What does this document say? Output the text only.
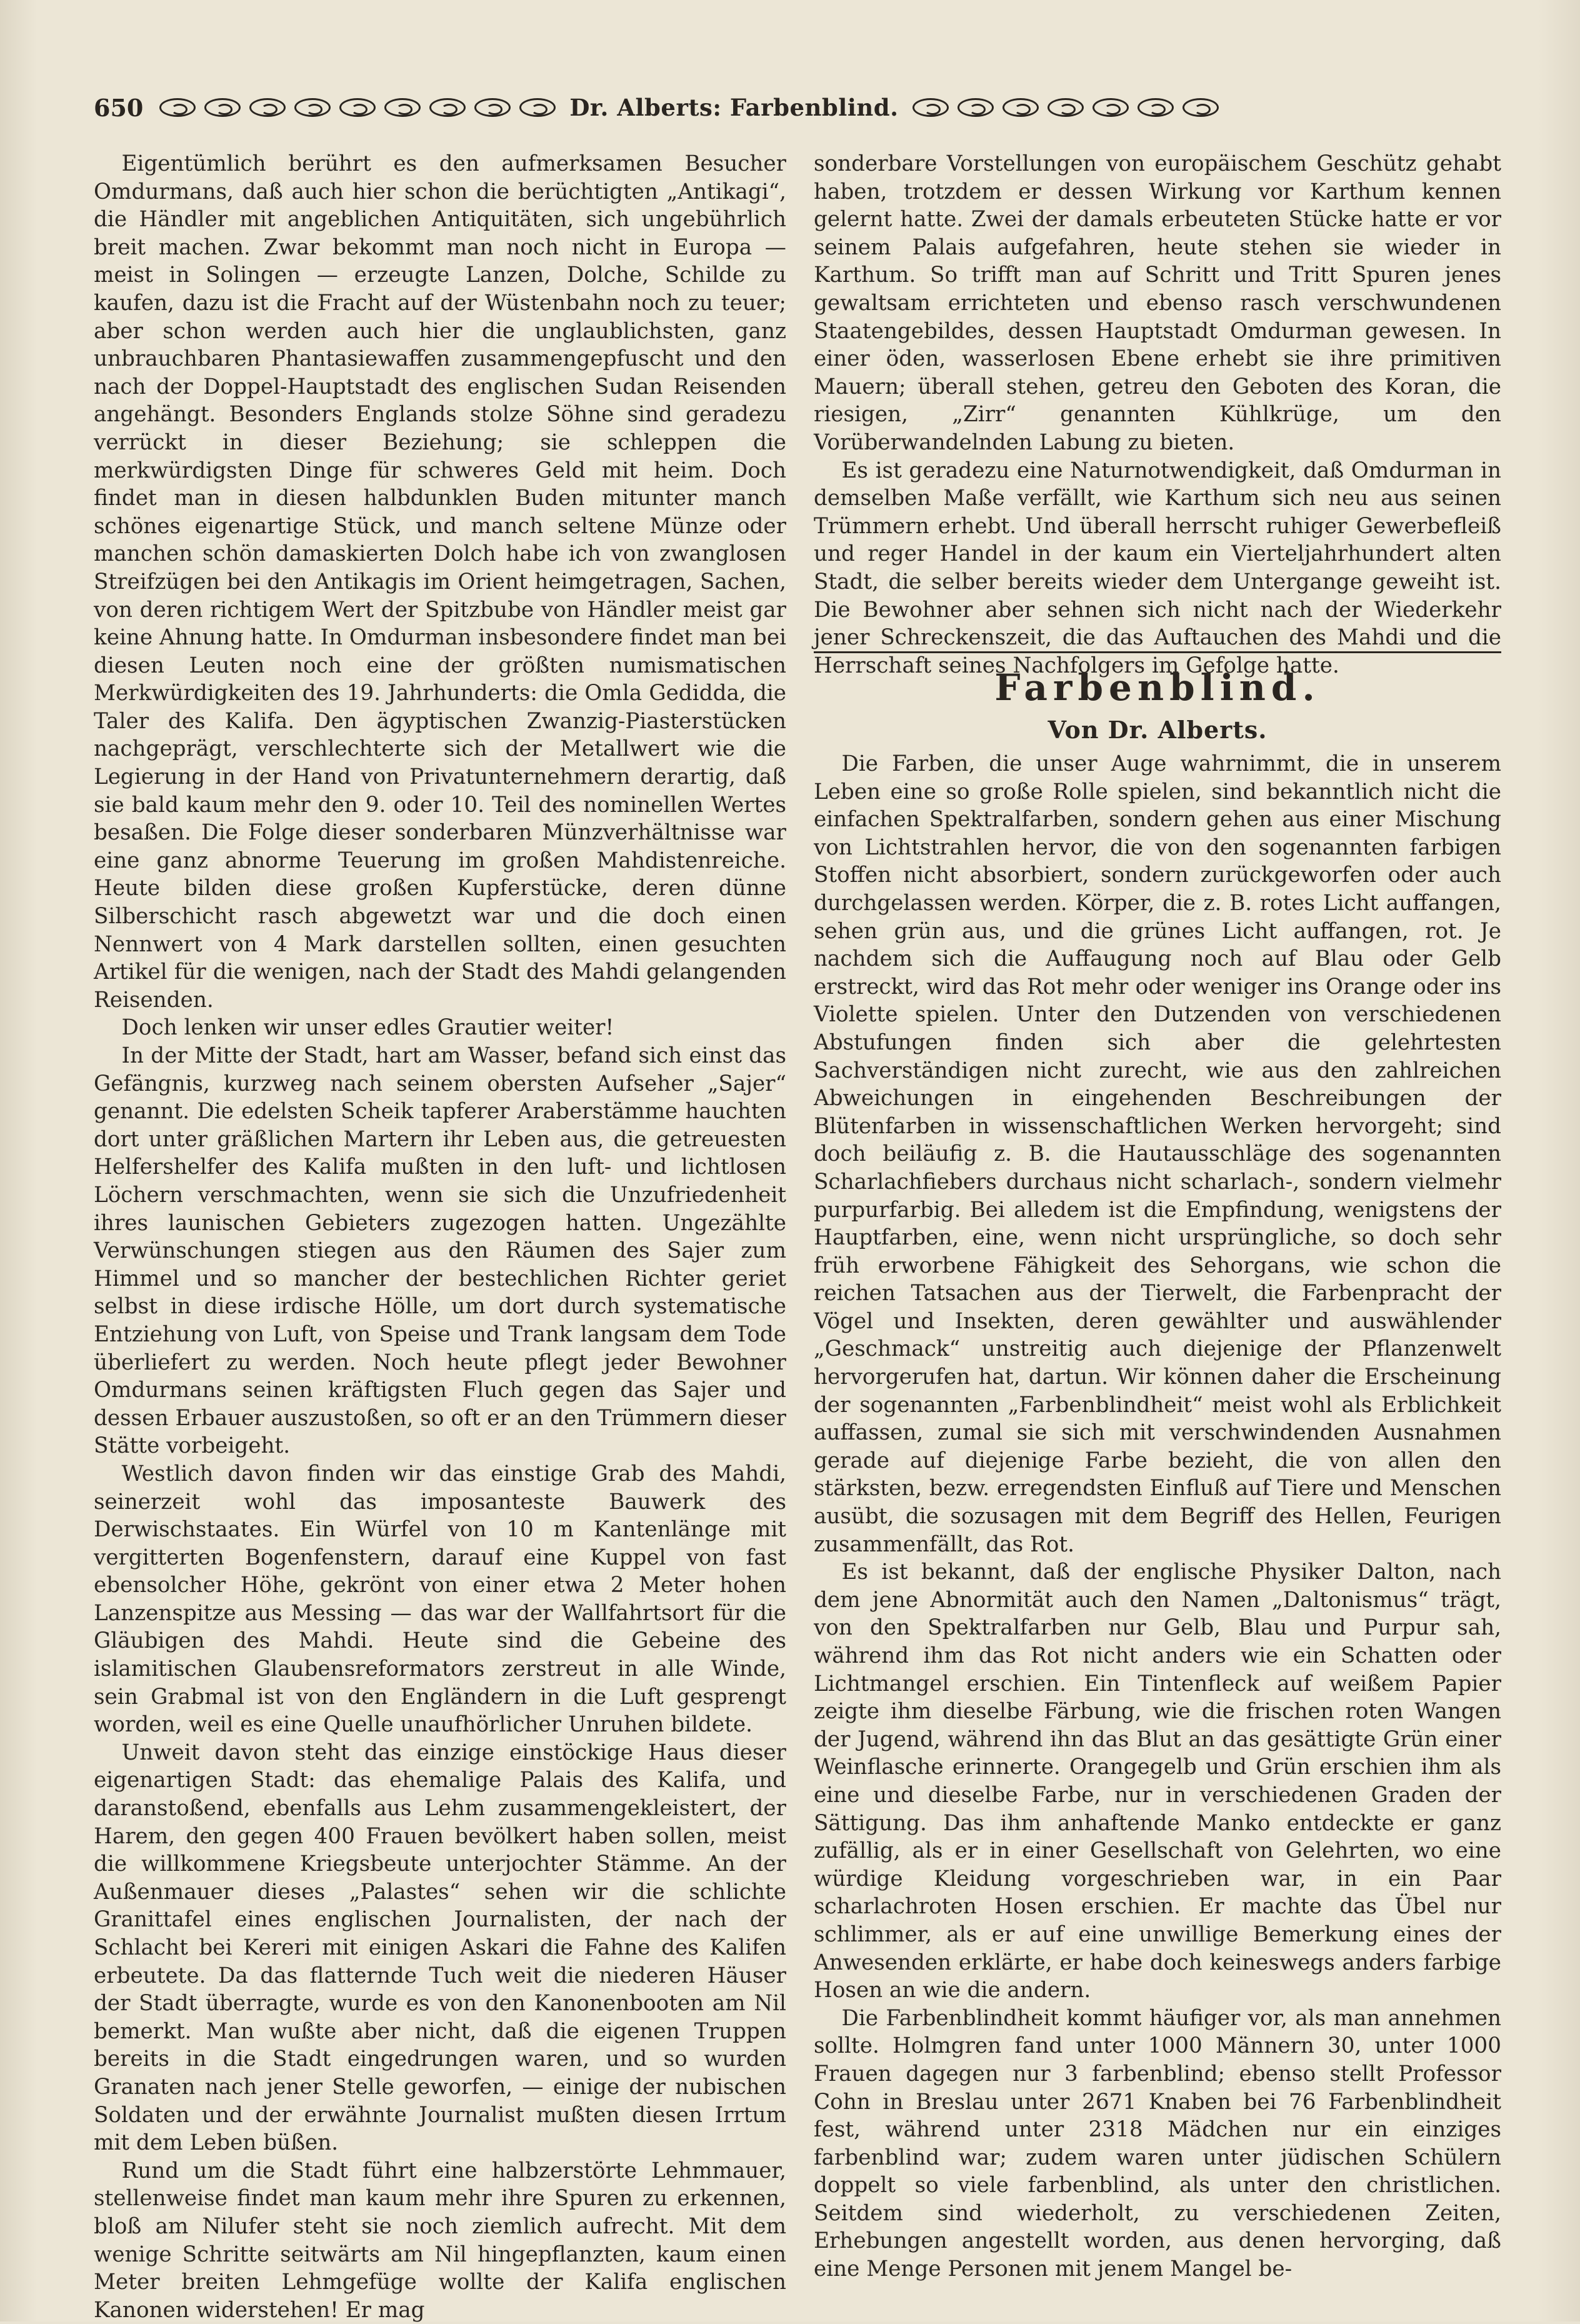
650	Dr. Alberts: Farbenblind.

Eigentümlich berührt es den aufmerksamen Besucher Omdurmans, daß auch hier schon die berüchtigten „Antikagi“, die Händler mit angeblichen Antiquitäten, sich ungebührlich breit machen. Zwar bekommt man noch nicht in Europa — meist in Solingen — erzeugte Lanzen, Dolche, Schilde zu kaufen, dazu ist die Fracht auf der Wüstenbahn noch zu teuer; aber schon werden auch hier die unglaublichsten, ganz unbrauchbaren Phantasiewaffen zusammengepfuscht und den nach der Doppel-Hauptstadt des englischen Sudan Reisenden angehängt. Besonders Englands stolze Söhne sind geradezu verrückt in dieser Beziehung; sie schleppen die merkwürdigsten Dinge für schweres Geld mit heim. Doch findet man in diesen halbdunklen Buden mitunter manch schönes eigenartige Stück, und manch seltene Münze oder manchen schön damaskierten Dolch habe ich von zwanglosen Streifzügen bei den Antikagis im Orient heimgetragen, Sachen, von deren richtigem Wert der Spitzbube von Händler meist gar keine Ahnung hatte. In Omdurman insbesondere findet man bei diesen Leuten noch eine der größten numismatischen Merkwürdigkeiten des 19. Jahrhunderts: die Omla Gedidda, die Taler des Kalifa. Den ägyptischen Zwanzig-Piasterstücken nachgeprägt, verschlechterte sich der Metallwert wie die Legierung in der Hand von Privatunternehmern derartig, daß sie bald kaum mehr den 9. oder 10. Teil des nominellen Wertes besaßen. Die Folge dieser sonderbaren Münzverhältnisse war eine ganz abnorme Teuerung im großen Mahdistenreiche. Heute bilden diese großen Kupferstücke, deren dünne Silberschicht rasch abgewetzt war und die doch einen Nennwert von 4 Mark darstellen sollten, einen gesuchten Artikel für die wenigen, nach der Stadt des Mahdi gelangenden Reisenden.

Doch lenken wir unser edles Grautier weiter!

In der Mitte der Stadt, hart am Wasser, befand sich einst das Gefängnis, kurzweg nach seinem obersten Aufseher „Sajer“ genannt. Die edelsten Scheik tapferer Araberstämme hauchten dort unter gräßlichen Martern ihr Leben aus, die getreuesten Helfershelfer des Kalifa mußten in den luft- und lichtlosen Löchern verschmachten, wenn sie sich die Unzufriedenheit ihres launischen Gebieters zugezogen hatten. Ungezählte Verwünschungen stiegen aus den Räumen des Sajer zum Himmel und so mancher der bestechlichen Richter geriet selbst in diese irdische Hölle, um dort durch systematische Entziehung von Luft, von Speise und Trank langsam dem Tode überliefert zu werden. Noch heute pflegt jeder Bewohner Omdurmans seinen kräftigsten Fluch gegen das Sajer und dessen Erbauer auszustoßen, so oft er an den Trümmern dieser Stätte vorbeigeht.

Westlich davon finden wir das einstige Grab des Mahdi, seinerzeit wohl das imposanteste Bauwerk des Derwischstaates. Ein Würfel von 10 m Kantenlänge mit vergitterten Bogenfenstern, darauf eine Kuppel von fast ebensolcher Höhe, gekrönt von einer etwa 2 Meter hohen Lanzenspitze aus Messing — das war der Wallfahrtsort für die Gläubigen des Mahdi. Heute sind die Gebeine des islamitischen Glaubensreformators zerstreut in alle Winde, sein Grabmal ist von den Engländern in die Luft gesprengt worden, weil es eine Quelle unaufhörlicher Unruhen bildete.

Unweit davon steht das einzige einstöckige Haus dieser eigenartigen Stadt: das ehemalige Palais des Kalifa, und daranstoßend, ebenfalls aus Lehm zusammengekleistert, der Harem, den gegen 400 Frauen bevölkert haben sollen, meist die willkommene Kriegsbeute unterjochter Stämme. An der Außenmauer dieses „Palastes“ sehen wir die schlichte Granittafel eines englischen Journalisten, der nach der Schlacht bei Kereri mit einigen Askari die Fahne des Kalifen erbeutete. Da das flatternde Tuch weit die niederen Häuser der Stadt überragte, wurde es von den Kanonenbooten am Nil bemerkt. Man wußte aber nicht, daß die eigenen Truppen bereits in die Stadt eingedrungen waren, und so wurden Granaten nach jener Stelle geworfen, — einige der nubischen Soldaten und der erwähnte Journalist mußten diesen Irrtum mit dem Leben büßen.

Rund um die Stadt führt eine halbzerstörte Lehmmauer, stellenweise findet man kaum mehr ihre Spuren zu erkennen, bloß am Nilufer steht sie noch ziemlich aufrecht. Mit dem wenige Schritte seitwärts am Nil hingepflanzten, kaum einen Meter breiten Lehmgefüge wollte der Kalifa englischen Kanonen widerstehen! Er mag

sonderbare Vorstellungen von europäischem Geschütz gehabt haben, trotzdem er dessen Wirkung vor Karthum kennen gelernt hatte. Zwei der damals erbeuteten Stücke hatte er vor seinem Palais aufgefahren, heute stehen sie wieder in Karthum. So trifft man auf Schritt und Tritt Spuren jenes gewaltsam errichteten und ebenso rasch verschwundenen Staatengebildes, dessen Hauptstadt Omdurman gewesen. In einer öden, wasserlosen Ebene erhebt sie ihre primitiven Mauern; überall stehen, getreu den Geboten des Koran, die riesigen, „Zirr“ genannten Kühlkrüge, um den Vorüberwandelnden Labung zu bieten.

Es ist geradezu eine Naturnotwendigkeit, daß Omdurman in demselben Maße verfällt, wie Karthum sich neu aus seinen Trümmern erhebt. Und überall herrscht ruhiger Gewerbefleiß und reger Handel in der kaum ein Vierteljahrhundert alten Stadt, die selber bereits wieder dem Untergange geweiht ist. Die Bewohner aber sehnen sich nicht nach der Wiederkehr jener Schreckenszeit, die das Auftauchen des Mahdi und die Herrschaft seines Nachfolgers im Gefolge hatte.

Farbenblind.
Von Dr. Alberts.

Die Farben, die unser Auge wahrnimmt, die in unserem Leben eine so große Rolle spielen, sind bekanntlich nicht die einfachen Spektralfarben, sondern gehen aus einer Mischung von Lichtstrahlen hervor, die von den sogenannten farbigen Stoffen nicht absorbiert, sondern zurückgeworfen oder auch durchgelassen werden. Körper, die z. B. rotes Licht auffangen, sehen grün aus, und die grünes Licht auffangen, rot. Je nachdem sich die Auffaugung noch auf Blau oder Gelb erstreckt, wird das Rot mehr oder weniger ins Orange oder ins Violette spielen. Unter den Dutzenden von verschiedenen Abstufungen finden sich aber die gelehrtesten Sachverständigen nicht zurecht, wie aus den zahlreichen Abweichungen in eingehenden Beschreibungen der Blütenfarben in wissenschaftlichen Werken hervorgeht; sind doch beiläufig z. B. die Hautausschläge des sogenannten Scharlachfiebers durchaus nicht scharlach-, sondern vielmehr purpurfarbig. Bei alledem ist die Empfindung, wenigstens der Hauptfarben, eine, wenn nicht ursprüngliche, so doch sehr früh erworbene Fähigkeit des Sehorgans, wie schon die reichen Tatsachen aus der Tierwelt, die Farbenpracht der Vögel und Insekten, deren gewählter und auswählender „Geschmack“ unstreitig auch diejenige der Pflanzenwelt hervorgerufen hat, dartun. Wir können daher die Erscheinung der sogenannten „Farbenblindheit“ meist wohl als Erblichkeit auffassen, zumal sie sich mit verschwindenden Ausnahmen gerade auf diejenige Farbe bezieht, die von allen den stärksten, bezw. erregendsten Einfluß auf Tiere und Menschen ausübt, die sozusagen mit dem Begriff des Hellen, Feurigen zusammenfällt, das Rot.

Es ist bekannt, daß der englische Physiker Dalton, nach dem jene Abnormität auch den Namen „Daltonismus“ trägt, von den Spektralfarben nur Gelb, Blau und Purpur sah, während ihm das Rot nicht anders wie ein Schatten oder Lichtmangel erschien. Ein Tintenfleck auf weißem Papier zeigte ihm dieselbe Färbung, wie die frischen roten Wangen der Jugend, während ihn das Blut an das gesättigte Grün einer Weinflasche erinnerte. Orangegelb und Grün erschien ihm als eine und dieselbe Farbe, nur in verschiedenen Graden der Sättigung. Das ihm anhaftende Manko entdeckte er ganz zufällig, als er in einer Gesellschaft von Gelehrten, wo eine würdige Kleidung vorgeschrieben war, in ein Paar scharlachroten Hosen erschien. Er machte das Übel nur schlimmer, als er auf eine unwillige Bemerkung eines der Anwesenden erklärte, er habe doch keineswegs anders farbige Hosen an wie die andern.

Die Farbenblindheit kommt häufiger vor, als man annehmen sollte. Holmgren fand unter 1000 Männern 30, unter 1000 Frauen dagegen nur 3 farbenblind; ebenso stellt Professor Cohn in Breslau unter 2671 Knaben bei 76 Farbenblindheit fest, während unter 2318 Mädchen nur ein einziges farbenblind war; zudem waren unter jüdischen Schülern doppelt so viele farbenblind, als unter den christlichen. Seitdem sind wiederholt, zu verschiedenen Zeiten, Erhebungen angestellt worden, aus denen hervorging, daß eine Menge Personen mit jenem Mangel be-
